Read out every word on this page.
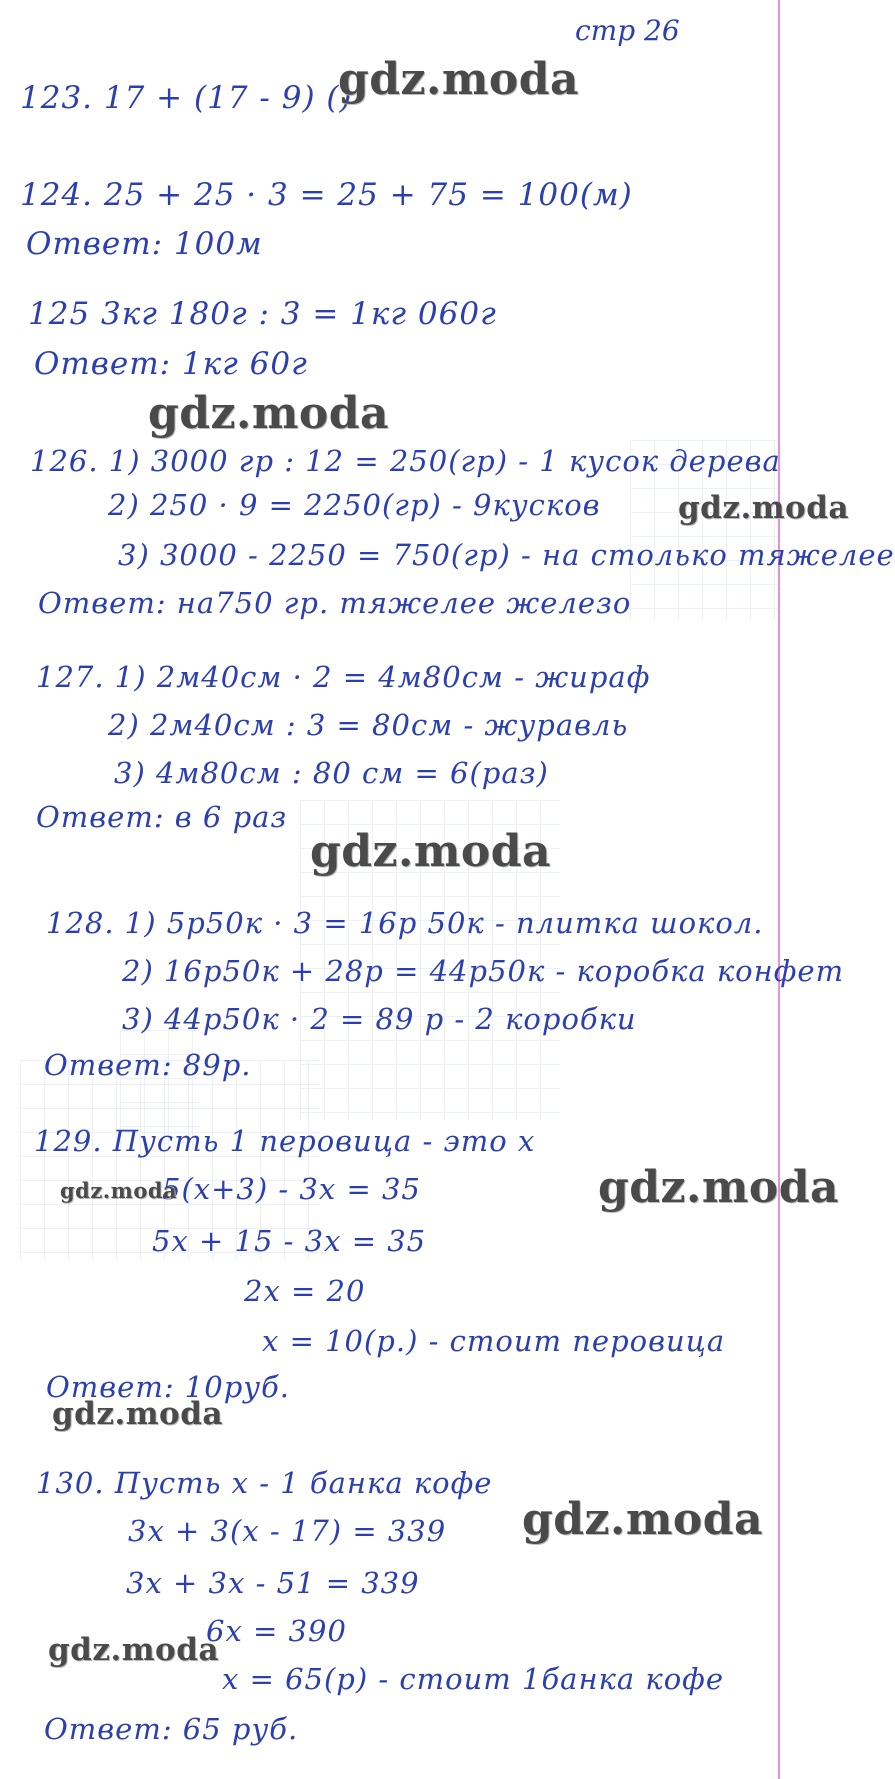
стр 26
123. 17 + (17 - 9) ()
124. 25 + 25 · 3 = 25 + 75 = 100(м)
Ответ: 100м
125 3кг 180г : 3 = 1кг 060г
Ответ: 1кг 60г
126. 1) 3000 гр : 12 = 250(гр) - 1 кусок дерева
2) 250 · 9 = 2250(гр) - 9кусков
3) 3000 - 2250 = 750(гр) - на столько тяжелее
Ответ: на750 гр. тяжелее железо
127. 1) 2м40см · 2 = 4м80см - жираф
2) 2м40см : 3 = 80см - журавль
3) 4м80см : 80 см = 6(раз)
Ответ: в 6 раз
128. 1) 5р50к · 3 = 16р 50к - плитка шокол.
2) 16р50к + 28р = 44р50к - коробка конфет
3) 44р50к · 2 = 89 р - 2 коробки
Ответ: 89р.
129. Пусть 1 перовица - это x
5(x+3) - 3x = 35
5x + 15 - 3x = 35
2x = 20
x = 10(р.) - стоит перовица
Ответ: 10руб.
130. Пусть x - 1 банка кофе
3x + 3(x - 17) = 339
3x + 3x - 51 = 339
6x = 390
x = 65(р) - стоит 1банка кофе
Ответ: 65 руб.
gdz.moda
gdz.moda
gdz.moda
gdz.moda
gdz.moda	gdz.moda
gdz.moda
gdz.moda
gdz.moda
